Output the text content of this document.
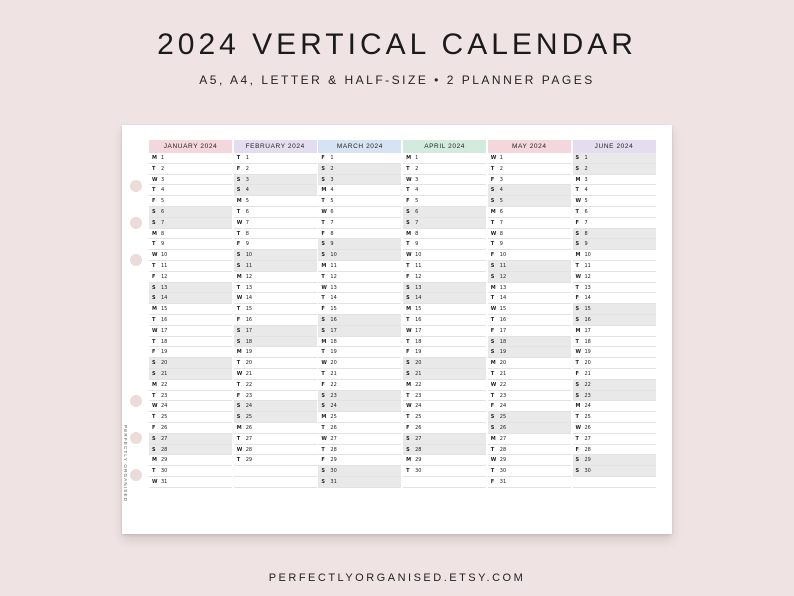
2024 VERTICAL CALENDAR
A5, A4, LETTER & HALF-SIZE • 2 PLANNER PAGES
PERFECTLY ORGANISED
JANUARY 2024
M 1
T 2
W 3
T 4
F 5
S 6
S 7
M 8
T 9
W 10
T 11
F 12
S 13
S 14
M 15
T 16
W 17
T 18
F 19
S 20
S 21
M 22
T 23
W 24
T 25
F 26
S 27
S 28
M 29
T 30
W 31
FEBRUARY 2024
T 1
F 2
S 3
S 4
M 5
T 6
W 7
T 8
F 9
S 10
S 11
M 12
T 13
W 14
T 15
F 16
S 17
S 18
M 19
T 20
W 21
T 22
F 23
S 24
S 25
M 26
T 27
W 28
T 29
MARCH 2024
F 1
S 2
S 3
M 4
T 5
W 6
T 7
F 8
S 9
S 10
M 11
T 12
W 13
T 14
F 15
S 16
S 17
M 18
T 19
W 20
T 21
F 22
S 23
S 24
M 25
T 26
W 27
T 28
F 29
S 30
S 31
APRIL 2024
M 1
T 2
W 3
T 4
F 5
S 6
S 7
M 8
T 9
W 10
T 11
F 12
S 13
S 14
M 15
T 16
W 17
T 18
F 19
S 20
S 21
M 22
T 23
W 24
T 25
F 26
S 27
S 28
M 29
T 30
MAY 2024
W 1
T 2
F 3
S 4
S 5
M 6
T 7
W 8
T 9
F 10
S 11
S 12
M 13
T 14
W 15
T 16
F 17
S 18
S 19
M 20
T 21
W 22
T 23
F 24
S 25
S 26
M 27
T 28
W 29
T 30
F 31
JUNE 2024
S 1
S 2
M 3
T 4
W 5
T 6
F 7
S 8
S 9
M 10
T 11
W 12
T 13
F 14
S 15
S 16
M 17
T 18
W 19
T 20
F 21
S 22
S 23
M 24
T 25
W 26
T 27
F 28
S 29
S 30
PERFECTLYORGANISED.ETSY.COM
